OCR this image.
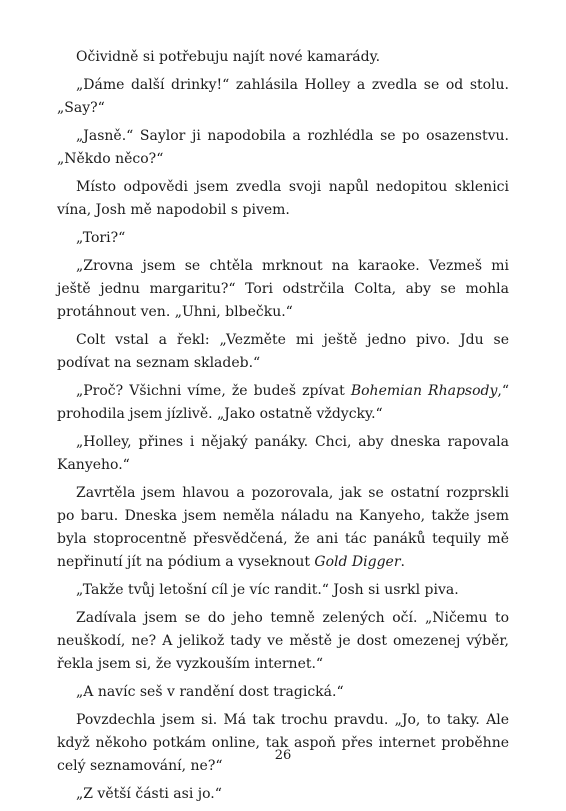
Očividně si potřebuju najít nové kamarády.

„Dáme další drinky!“ zahlásila Holley a zvedla se od stolu. „Say?“

„Jasně.“ Saylor ji napodobila a rozhlédla se po osazenstvu. „Někdo něco?“

Místo odpovědi jsem zvedla svoji napůl nedopitou sklenici vína, Josh mě napodobil s pivem.

„Tori?“

„Zrovna jsem se chtěla mrknout na karaoke. Vezmeš mi ještě jednu margaritu?“ Tori odstrčila Colta, aby se mohla protáhnout ven. „Uhni, blbečku.“

Colt vstal a řekl: „Vezměte mi ještě jedno pivo. Jdu se podívat na seznam skladeb.“

„Proč? Všichni víme, že budeš zpívat Bohemian Rhapsody,“ prohodila jsem jízlivě. „Jako ostatně vždycky.“

„Holley, přines i nějaký panáky. Chci, aby dneska rapovala Kanyeho.“

Zavrtěla jsem hlavou a pozorovala, jak se ostatní rozprskli po baru. Dneska jsem neměla náladu na Kanyeho, takže jsem byla stoprocentně přesvědčená, že ani tác panáků tequily mě nepřinutí jít na pódium a vyseknout Gold Digger.

„Takže tvůj letošní cíl je víc randit.“ Josh si usrkl piva.

Zadívala jsem se do jeho temně zelených očí. „Ničemu to neuškodí, ne? A jelikož tady ve městě je dost omezenej výběr, řekla jsem si, že vyzkouším internet.“

„A navíc seš v randění dost tragická.“

Povzdechla jsem si. Má tak trochu pravdu. „Jo, to taky. Ale když někoho potkám online, tak aspoň přes internet proběhne celý seznamování, ne?“

„Z větší části asi jo.“

26
